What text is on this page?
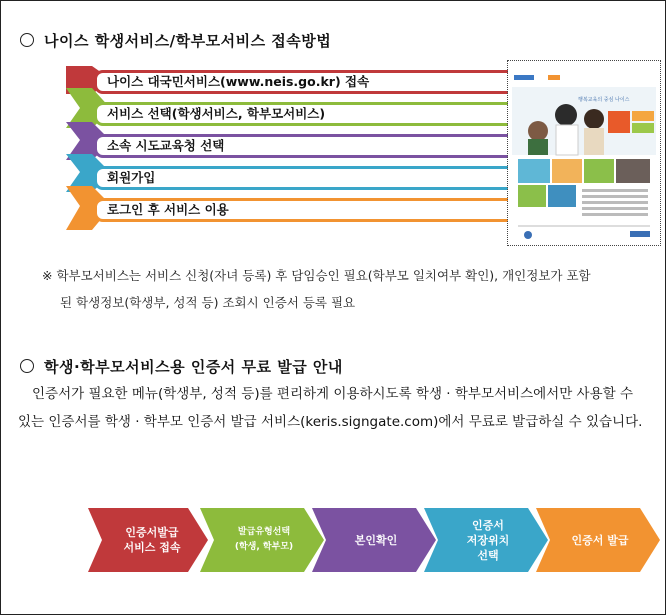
나이스 학생서비스/학부모서비스 접속방법
나이스 대국민서비스(www.neis.go.kr) 접속
서비스 선택(학생서비스, 학부모서비스)
소속 시도교육청 선택
회원가입
로그인 후 서비스 이용
행복교육의 중심 나이스
※ 학부모서비스는 서비스 신청(자녀 등록) 후 담임승인 필요(학부모 일치여부 확인), 개인정보가 포함
된 학생정보(학생부, 성적 등) 조회시 인증서 등록 필요
학생·학부모서비스용 인증서 무료 발급 안내
인증서가 필요한 메뉴(학생부, 성적 등)를 편리하게 이용하시도록 학생 · 학부모서비스에서만 사용할 수 있는 인증서를 학생 · 학부모 인증서 발급 서비스(keris.signgate.com)에서 무료로 발급하실 수 있습니다.
인증서발급
서비스 접속
발급유형선택
(학생, 학부모)	본인확인
인증서
저장위치
선택
인증서 발급
